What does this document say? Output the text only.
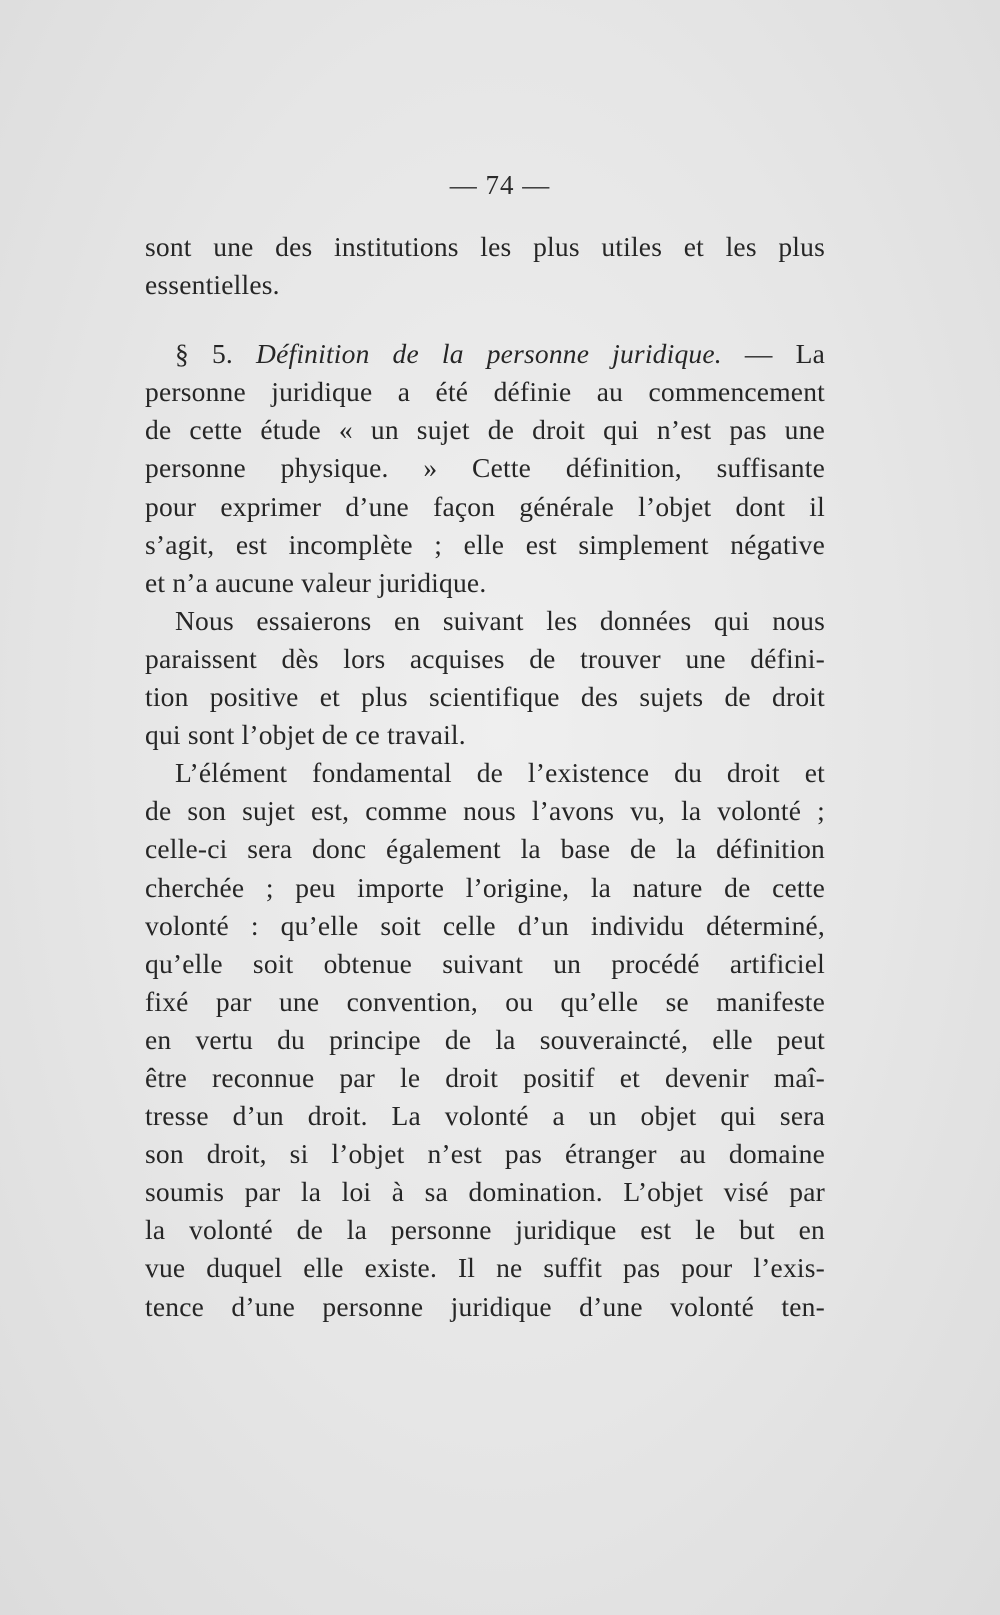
— 74 —
sont une des institutions les plus utiles et les plus
essentielles.
§ 5. Définition de la personne juridique. — La
personne juridique a été définie au commencement
de cette étude « un sujet de droit qui n’est pas une
personne physique. » Cette définition, suffisante
pour exprimer d’une façon générale l’objet dont il
s’agit, est incomplète ; elle est simplement négative
et n’a aucune valeur juridique.
Nous essaierons en suivant les données qui nous
paraissent dès lors acquises de trouver une défini-
tion positive et plus scientifique des sujets de droit
qui sont l’objet de ce travail.
L’élément fondamental de l’existence du droit et
de son sujet est, comme nous l’avons vu, la volonté ;
celle-ci sera donc également la base de la définition
cherchée ; peu importe l’origine, la nature de cette
volonté : qu’elle soit celle d’un individu déterminé,
qu’elle soit obtenue suivant un procédé artificiel
fixé par une convention, ou qu’elle se manifeste
en vertu du principe de la souveraincté, elle peut
être reconnue par le droit positif et devenir maî-
tresse d’un droit. La volonté a un objet qui sera
son droit, si l’objet n’est pas étranger au domaine
soumis par la loi à sa domination. L’objet visé par
la volonté de la personne juridique est le but en
vue duquel elle existe. Il ne suffit pas pour l’exis-
tence d’une personne juridique d’une volonté ten-
